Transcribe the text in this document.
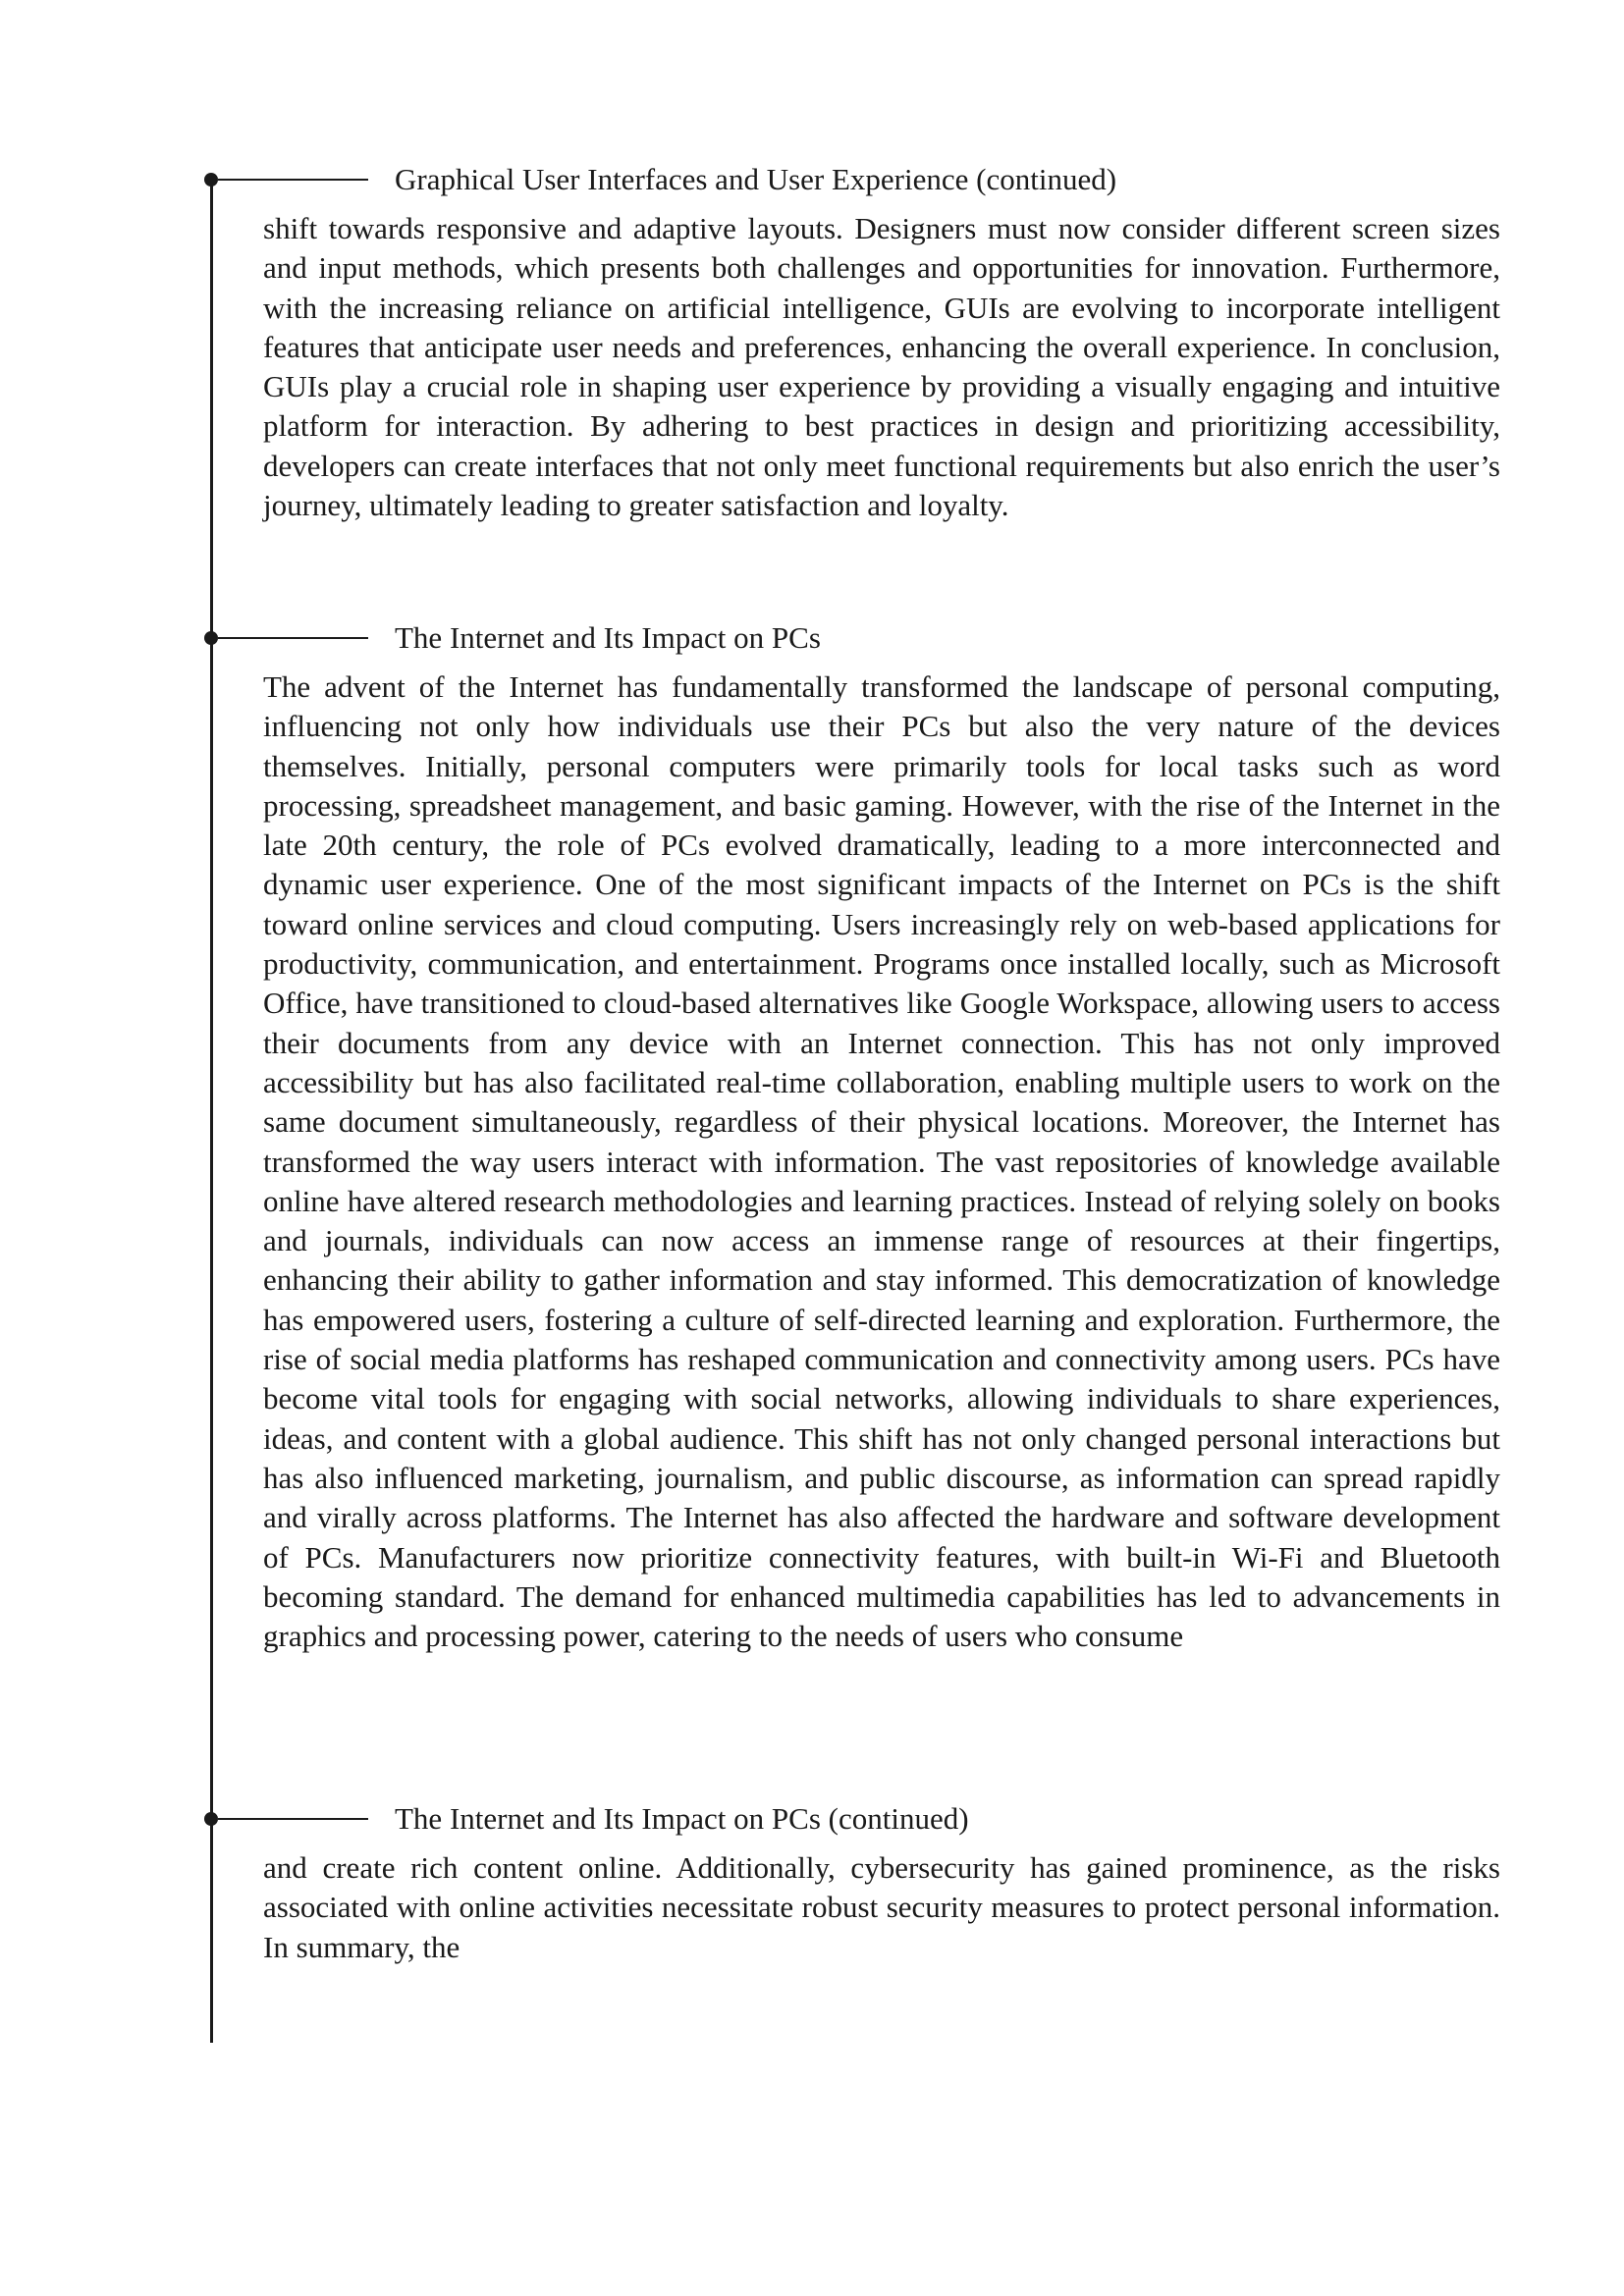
Graphical User Interfaces and User Experience (continued)

shift towards responsive and adaptive layouts. Designers must now consider different screen sizes and input methods, which presents both challenges and opportunities for innovation. Furthermore, with the increasing reliance on artificial intelligence, GUIs are evolving to incorporate intelligent features that anticipate user needs and preferences, enhancing the overall experience. In conclusion, GUIs play a crucial role in shaping user experience by providing a visually engaging and intuitive platform for interaction. By adhering to best practices in design and prioritizing accessibility, developers can create interfaces that not only meet functional requirements but also enrich the user’s journey, ultimately leading to greater satisfaction and loyalty.

The Internet and Its Impact on PCs

The advent of the Internet has fundamentally transformed the landscape of personal computing, influencing not only how individuals use their PCs but also the very nature of the devices themselves. Initially, personal computers were primarily tools for local tasks such as word processing, spreadsheet management, and basic gaming. However, with the rise of the Internet in the late 20th century, the role of PCs evolved dramatically, leading to a more interconnected and dynamic user experience. One of the most significant impacts of the Internet on PCs is the shift toward online services and cloud computing. Users increasingly rely on web-based applications for productivity, communication, and entertainment. Programs once installed locally, such as Microsoft Office, have transitioned to cloud-based alternatives like Google Workspace, allowing users to access their documents from any device with an Internet connection. This has not only improved accessibility but has also facilitated real-time collaboration, enabling multiple users to work on the same document simultaneously, regardless of their physical locations. Moreover, the Internet has transformed the way users interact with information. The vast repositories of knowledge available online have altered research methodologies and learning practices. Instead of relying solely on books and journals, individuals can now access an immense range of resources at their fingertips, enhancing their ability to gather information and stay informed. This democratization of knowledge has empowered users, fostering a culture of self-directed learning and exploration. Furthermore, the rise of social media platforms has reshaped communication and connectivity among users. PCs have become vital tools for engaging with social networks, allowing individuals to share experiences, ideas, and content with a global audience. This shift has not only changed personal interactions but has also influenced marketing, journalism, and public discourse, as information can spread rapidly and virally across platforms. The Internet has also affected the hardware and software development of PCs. Manufacturers now prioritize connectivity features, with built-in Wi-Fi and Bluetooth becoming standard. The demand for enhanced multimedia capabilities has led to advancements in graphics and processing power, catering to the needs of users who consume

The Internet and Its Impact on PCs (continued)

and create rich content online. Additionally, cybersecurity has gained prominence, as the risks associated with online activities necessitate robust security measures to protect personal information. In summary, the
